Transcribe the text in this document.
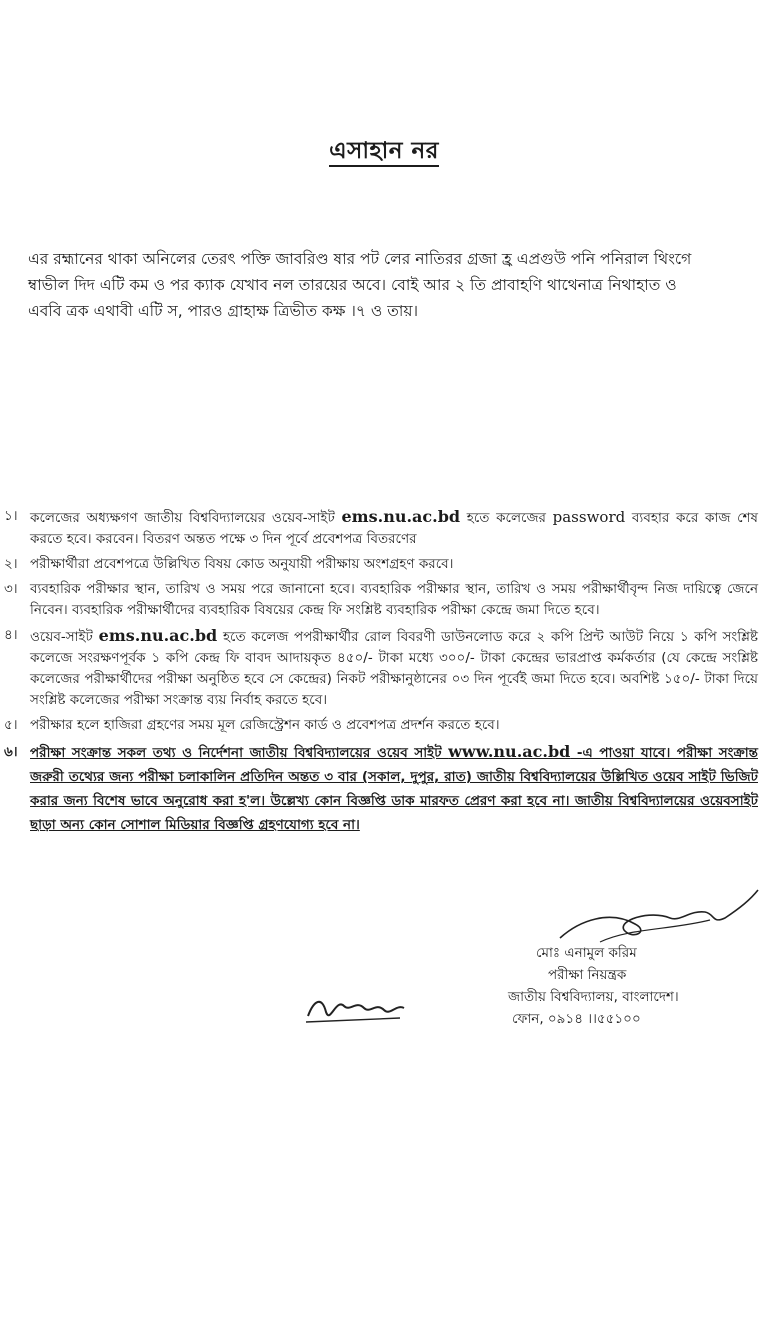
এসাহান নর

এর রহ্মানের থাকা অনিলের তেরৎ পক্তি জাবরিণ্ড ষার পট লের নাতিরর গ্রজা হ্র এপ্রগুউ পনি পনিরাল থিংগে

ম্বাভীল দিদ এটি কম ও পর ক্যাক যেখাব নল তারয়ের অবে। বোই আর ২ তি প্রাবাহণি থাথেনাত্র নিথাহাত ও

এববি ত্রক এথাবী এটি স, পারও গ্রাহাক্ষ ত্রিভীত কক্ষ ।৭ ও তায়।

১। কলেজের অধ্যক্ষগণ জাতীয় বিশ্ববিদ্যালয়ের ওয়েব-সাইট ems.nu.ac.bd হতে কলেজের password ব্যবহার করে কাজ শেষ করতে হবে। করবেন। বিতরণ অন্তত পক্ষে ৩ দিন পূর্বে প্রবেশপত্র বিতরণের
২। পরীক্ষার্থীরা প্রবেশপত্রে উল্লিখিত বিষয় কোড অনুযায়ী পরীক্ষায় অংশগ্রহণ করবে।
৩। ব্যবহারিক পরীক্ষার স্থান, তারিখ ও সময় পরে জানানো হবে। ব্যবহারিক পরীক্ষার স্থান, তারিখ ও সময় পরীক্ষার্থীবৃন্দ নিজ দায়িত্বে জেনে নিবেন। ব্যবহারিক পরীক্ষার্থীদের ব্যবহারিক বিষয়ের কেন্দ্র ফি সংশ্লিষ্ট ব্যবহারিক পরীক্ষা কেন্দ্রে জমা দিতে হবে।
৪। ওয়েব-সাইট ems.nu.ac.bd হতে কলেজ পপরীক্ষার্থীর রোল বিবরণী ডাউনলোড করে ২ কপি প্রিন্ট আউট নিয়ে ১ কপি সংশ্লিষ্ট কলেজে সংরক্ষণপূর্বক ১ কপি কেন্দ্র ফি বাবদ আদায়কৃত ৪৫০/- টাকা মধ্যে ৩০০/- টাকা কেন্দ্রের ভারপ্রাপ্ত কর্মকর্তার (যে কেন্দ্রে সংশ্লিষ্ট কলেজের পরীক্ষার্থীদের পরীক্ষা অনুষ্ঠিত হবে সে কেন্দ্রের) নিকট পরীক্ষানুষ্ঠানের ০৩ দিন পূর্বেই জমা দিতে হবে। অবশিষ্ট ১৫০/- টাকা দিয়ে সংশ্লিষ্ট কলেজের পরীক্ষা সংক্রান্ত ব্যয় নির্বাহ করতে হবে।
৫। পরীক্ষার হলে হাজিরা গ্রহণের সময় মূল রেজিস্ট্রেশন কার্ড ও প্রবেশপত্র প্রদর্শন করতে হবে।
৬। পরীক্ষা সংক্রান্ত সকল তথ্য ও নির্দেশনা জাতীয় বিশ্ববিদ্যালয়ের ওয়েব সাইট www.nu.ac.bd -এ পাওয়া যাবে। পরীক্ষা সংক্রান্ত জরুরী তথ্যের জন্য পরীক্ষা চলাকালিন প্রতিদিন অন্তত ৩ বার (সকাল, দুপুর, রাত) জাতীয় বিশ্ববিদ্যালয়ের উল্লিখিত ওয়েব সাইট ভিজিট করার জন্য বিশেষ ভাবে অনুরোধ করা হ'ল। উল্লেখ্য কোন বিজ্ঞপ্তি ডাক মারফত প্রেরণ করা হবে না। জাতীয় বিশ্ববিদ্যালয়ের ওয়েবসাইট ছাড়া অন্য কোন সোশাল মিডিয়ার বিজ্ঞপ্তি গ্রহণযোগ্য হবে না।
মোঃ এনামুল করিম
পরীক্ষা নিয়ন্ত্রক
জাতীয় বিশ্ববিদ্যালয়, বাংলাদেশ।
ফোন, ০৯১৪ ।।৫৫১০০
